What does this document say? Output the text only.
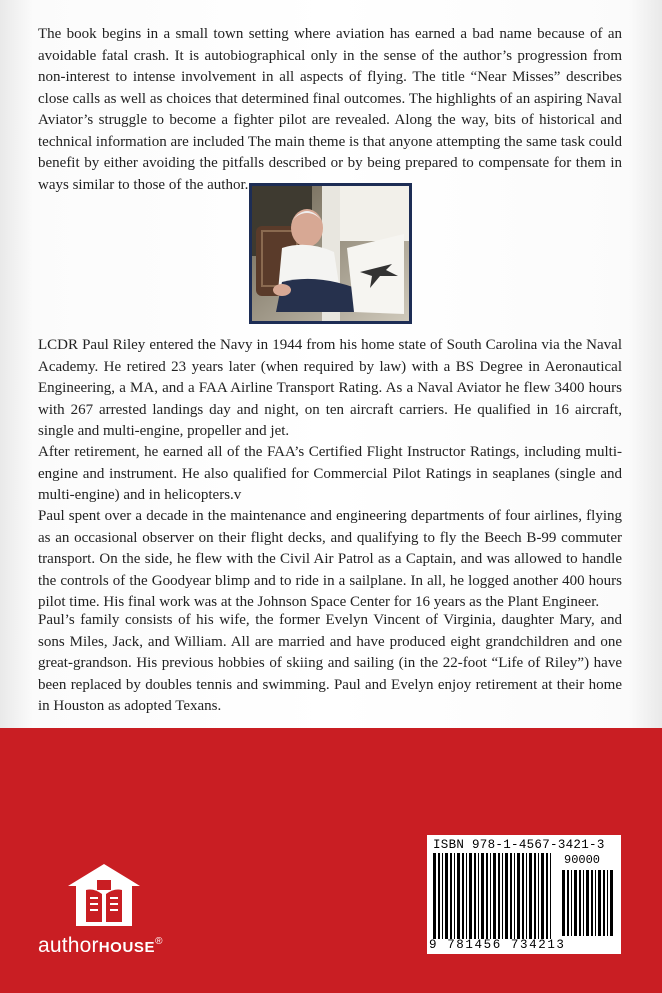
The book begins in a small town setting where aviation has earned a bad name because of an avoidable fatal crash. It is autobiographical only in the sense of the author’s progression from non-interest to intense involvement in all aspects of flying. The title “Near Misses” describes close calls as well as choices that determined final outcomes. The highlights of an aspiring Naval Aviator’s struggle to become a fighter pilot are revealed. Along the way, bits of historical and technical information are included The main theme is that anyone attempting the same task could benefit by either avoiding the pitfalls described or by being prepared to compensate for them in ways similar to those of the author.

LCDR Paul Riley entered the Navy in 1944 from his home state of South Carolina via the Naval Academy. He retired 23 years later (when required by law) with a BS Degree in Aeronautical Engineering, a MA, and a FAA Airline Transport Rating. As a Naval Aviator he flew 3400 hours with 267 arrested landings day and night, on ten aircraft carriers. He qualified in 16 aircraft, single and multi-engine, propeller and jet.

After retirement, he earned all of the FAA’s Certified Flight Instructor Ratings, including multi-engine and instrument. He also qualified for Commercial Pilot Ratings in seaplanes (single and multi-engine) and in helicopters.v

Paul spent over a decade in the maintenance and engineering departments of four airlines, flying as an occasional observer on their flight decks, and qualifying to fly the Beech B-99 commuter transport. On the side, he flew with the Civil Air Patrol as a Captain, and was allowed to handle the controls of the Goodyear blimp and to ride in a sailplane. In all, he logged another 400 hours pilot time. His final work was at the Johnson Space Center for 16 years as the Plant Engineer.

Paul’s family consists of his wife, the former Evelyn Vincent of Virginia, daughter Mary, and sons Miles, Jack, and William. All are married and have produced eight grandchildren and one great-grandson. His previous hobbies of skiing and sailing (in the 22-foot “Life of Riley”) have been replaced by doubles tennis and swimming. Paul and Evelyn enjoy retirement at their home in Houston as adopted Texans.

authorHOUSE®
ISBN 978-1-4567-3421-3
90000
9 781456 734213
